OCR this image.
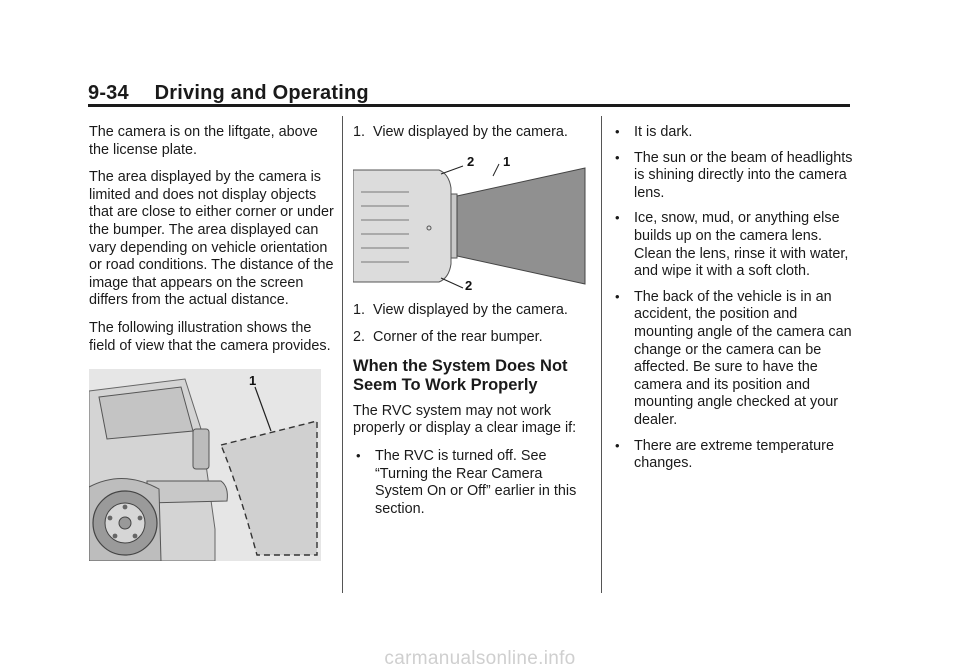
9-34 Driving and Operating

The camera is on the liftgate, above the license plate.

The area displayed by the camera is limited and does not display objects that are close to either corner or under the bumper. The area displayed can vary depending on vehicle orientation or road conditions. The distance of the image that appears on the screen differs from the actual distance.

The following illustration shows the field of view that the camera provides.

1

1. View displayed by the camera.

2 1
2

1. View displayed by the camera.

2. Corner of the rear bumper.

When the System Does Not Seem To Work Properly

The RVC system may not work properly or display a clear image if:

• The RVC is turned off. See “Turning the Rear Camera System On or Off” earlier in this section.
• It is dark.
• The sun or the beam of headlights is shining directly into the camera lens.
• Ice, snow, mud, or anything else builds up on the camera lens. Clean the lens, rinse it with water, and wipe it with a soft cloth.
• The back of the vehicle is in an accident, the position and mounting angle of the camera can change or the camera can be affected. Be sure to have the camera and its position and mounting angle checked at your dealer.
• There are extreme temperature changes.
carmanualsonline.info
